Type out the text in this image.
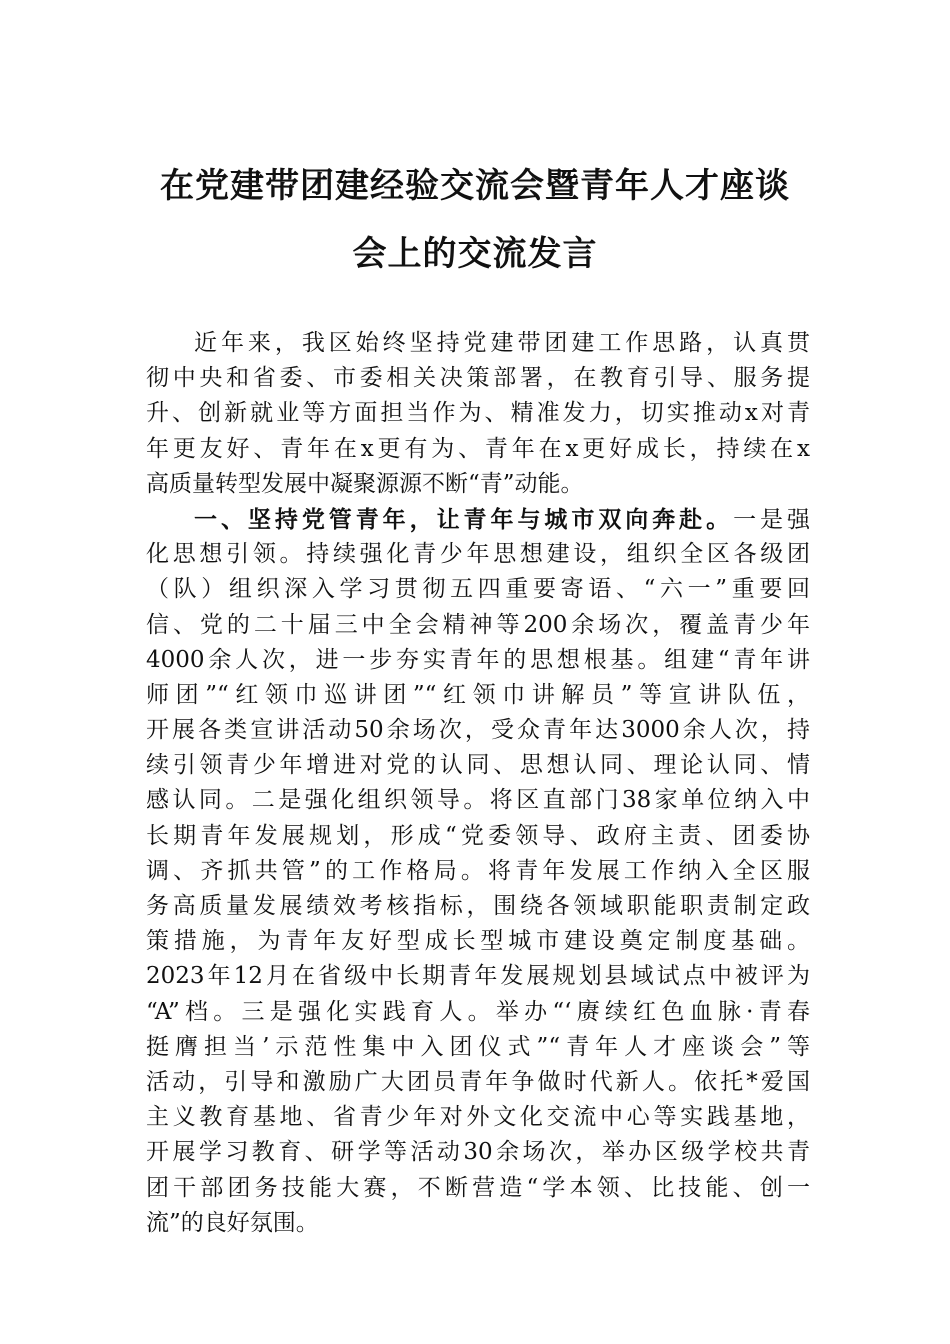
在党建带团建经验交流会暨青年人才座谈
会上的交流发言
近年来，我区始终坚持党建带团建工作思路，认真贯
彻中央和省委、市委相关决策部署，在教育引导、服务提
升、创新就业等方面担当作为、精准发力，切实推动x对青
年更友好、青年在x更有为、青年在x更好成长，持续在x
高质量转型发展中凝聚源源不断“青”动能。
一、坚持党管青年，让青年与城市双向奔赴。一是强
化思想引领。持续强化青少年思想建设，组织全区各级团
（队）组织深入学习贯彻五四重要寄语、“六一”重要回
信、党的二十届三中全会精神等200余场次，覆盖青少年
4000余人次，进一步夯实青年的思想根基。组建“青年讲
师团”“红领巾巡讲团”“红领巾讲解员”等宣讲队伍，
开展各类宣讲活动50余场次，受众青年达3000余人次，持
续引领青少年增进对党的认同、思想认同、理论认同、情
感认同。二是强化组织领导。将区直部门38家单位纳入中
长期青年发展规划，形成“党委领导、政府主责、团委协
调、齐抓共管”的工作格局。将青年发展工作纳入全区服
务高质量发展绩效考核指标，围绕各领域职能职责制定政
策措施，为青年友好型成长型城市建设奠定制度基础。
2023年12月在省级中长期青年发展规划县域试点中被评为
“A”档。三是强化实践育人。举办“‘赓续红色血脉·青春
挺膺担当’示范性集中入团仪式”“青年人才座谈会”等
活动，引导和激励广大团员青年争做时代新人。依托*爱国
主义教育基地、省青少年对外文化交流中心等实践基地，
开展学习教育、研学等活动30余场次，举办区级学校共青
团干部团务技能大赛，不断营造“学本领、比技能、创一
流”的良好氛围。
